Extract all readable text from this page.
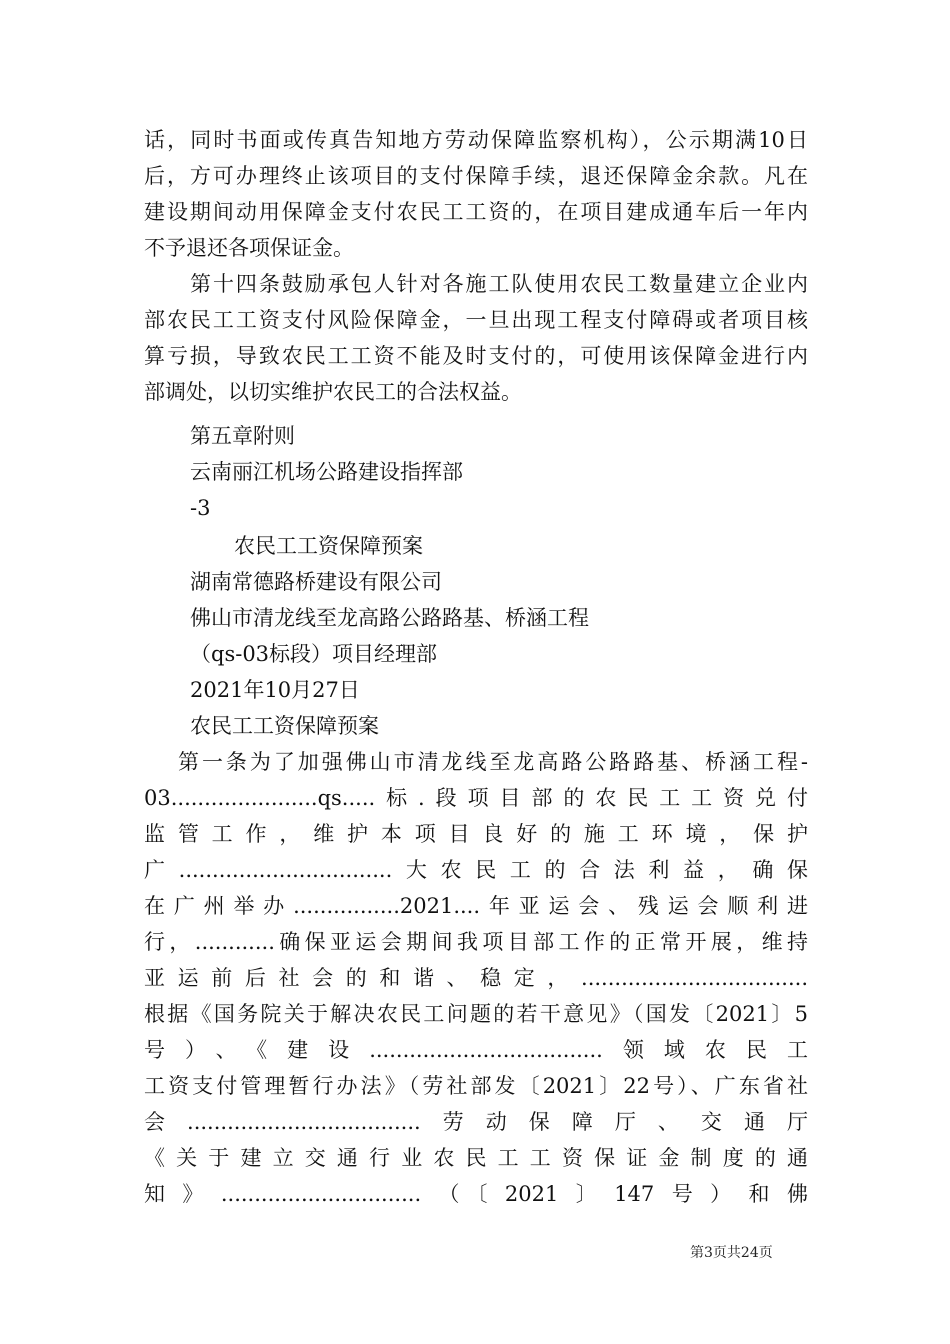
话，同时书面或传真告知地方劳动保障监察机构），公示期满10日
后，方可办理终止该项目的支付保障手续，退还保障金余款。凡在
建设期间动用保障金支付农民工工资的，在项目建成通车后一年内
不予退还各项保证金。
第十四条鼓励承包人针对各施工队使用农民工数量建立企业内
部农民工工资支付风险保障金，一旦出现工程支付障碍或者项目核
算亏损，导致农民工工资不能及时支付的，可使用该保障金进行内
部调处，以切实维护农民工的合法权益。
第五章附则
云南丽江机场公路建设指挥部
-3
农民工工资保障预案
湖南常德路桥建设有限公司
佛山市清龙线至龙高路公路路基、桥涵工程
（qs-03标段）项目经理部
2021年10月27日
农民工工资保障预案
第一条为了加强佛山市清龙线至龙高路公路路基、桥涵工程-
03......................qs.....标.段项目部的农民工工资兑付
监 管 工 作 ， 维 护 本 项 目 良 好 的 施 工 环 境 ， 保 护
广................................大农民工的合法利益，确保
在广州举办................2021....年亚运会、残运会顺利进
行，............确保亚运会期间我项目部工作的正常开展，维持
亚运前后社会的和谐、稳定，..................................
根据《国务院关于解决农民工问题的若干意见》（国发〔2021〕5
号）、《建设...................................领域农民工
工资支付管理暂行办法》（劳社部发〔2021〕22号）、广东省社
会...................................劳动保障厅、交通厅
《 关 于 建 立 交 通 行 业 农 民 工 工 资 保 证 金 制 度 的 通
知》..............................（〔2021〕147号）和佛
第3页共24页
